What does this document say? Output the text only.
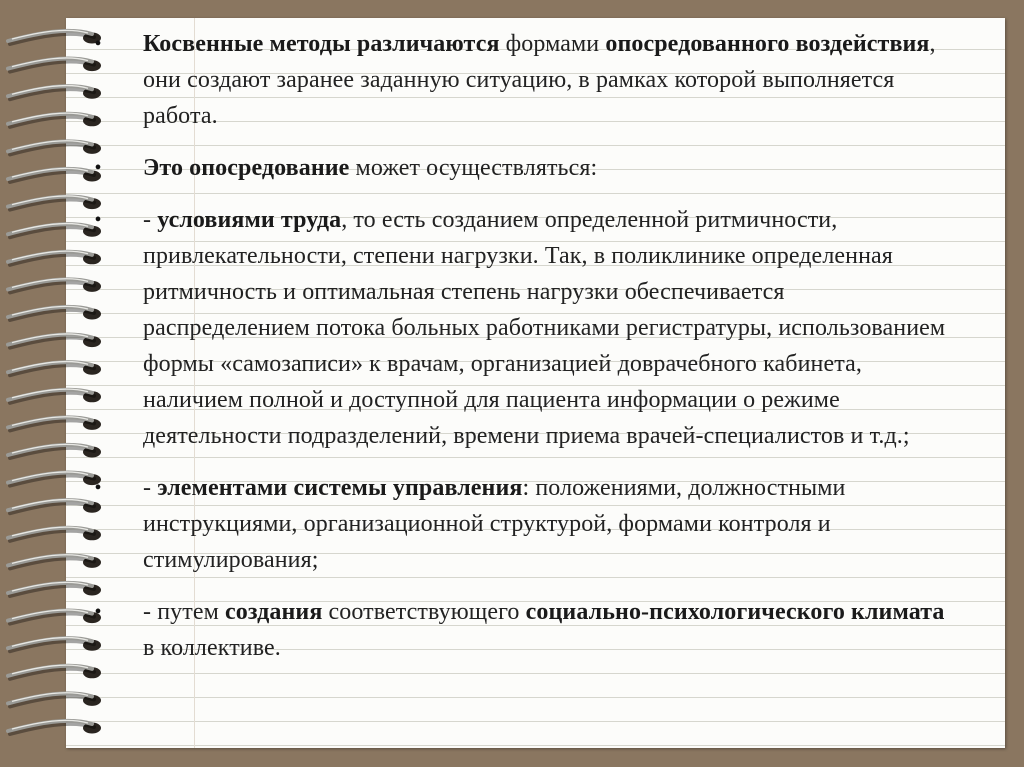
• Косвенные методы различаются формами опосредованного воздействия, они создают заранее заданную ситуацию, в рамках которой выполняется работа.

• Это опосредование может осуществляться:

• - условиями труда, то есть созданием определенной ритмичности, привлекательности, степени нагрузки. Так, в поликлинике определенная ритмичность и оптимальная степень нагрузки обеспечивается распределением потока больных работниками регистратуры, использованием формы «самозаписи» к врачам, организацией доврачебного кабинета, наличием полной и доступной для пациента информации о режиме деятельности подразделений, времени приема врачей-специалистов и т.д.;

• - элементами системы управления: положениями, должностными инструкциями, организационной структурой, формами контроля и стимулирования;

• - путем создания соответствующего социально-психологического климата в коллективе.
